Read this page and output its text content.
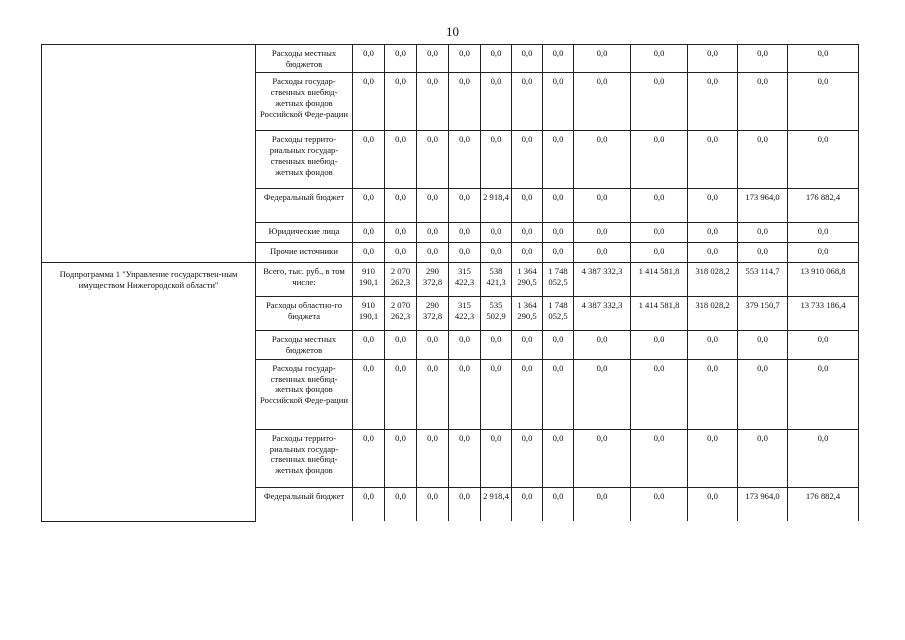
10
	Расходы местных бюджетов	0,0	0,0	0,0	0,0	0,0	0,0	0,0	0,0	0,0	0,0	0,0	0,0
	Расходы государ-ственных внебюд-жетных фондов Российской Феде-рации	0,0	0,0	0,0	0,0	0,0	0,0	0,0	0,0	0,0	0,0	0,0	0,0
	Расходы террито-риальных государ-ственных внебюд-жетных фондов	0,0	0,0	0,0	0,0	0,0	0,0	0,0	0,0	0,0	0,0	0,0	0,0
	Федеральный бюджет	0,0	0,0	0,0	0,0	2 918,4	0,0	0,0	0,0	0,0	0,0	173 964,0	176 882,4
	Юридические лица	0,0	0,0	0,0	0,0	0,0	0,0	0,0	0,0	0,0	0,0	0,0	0,0
	Прочие источники	0,0	0,0	0,0	0,0	0,0	0,0	0,0	0,0	0,0	0,0	0,0	0,0
Подпрограмма 1 "Управление государствен-ным имуществом Нижегородской области"	Всего, тыс. руб., в том числе:	910 190,1	2 070 262,3	290 372,8	315 422,3	538 421,3	1 364 290,5	1 748 052,5	4 387 332,3	1 414 581,8	318 028,2	553 114,7	13 910 068,8
	Расходы областно-го бюджета	910 190,1	2 070 262,3	290 372,8	315 422,3	535 502,9	1 364 290,5	1 748 052,5	4 387 332,3	1 414 581,8	318 028,2	379 150,7	13 733 186,4
	Расходы местных бюджетов	0,0	0,0	0,0	0,0	0,0	0,0	0,0	0,0	0,0	0,0	0,0	0,0
	Расходы государ-ственных внебюд-жетных фондов Российской Феде-рации	0,0	0,0	0,0	0,0	0,0	0,0	0,0	0,0	0,0	0,0	0,0	0,0
	Расходы террито-риальных государ-ственных внебюд-жетных фондов	0,0	0,0	0,0	0,0	0,0	0,0	0,0	0,0	0,0	0,0	0,0	0,0
	Федеральный бюджет	0,0	0,0	0,0	0,0	2 918,4	0,0	0,0	0,0	0,0	0,0	173 964,0	176 882,4
